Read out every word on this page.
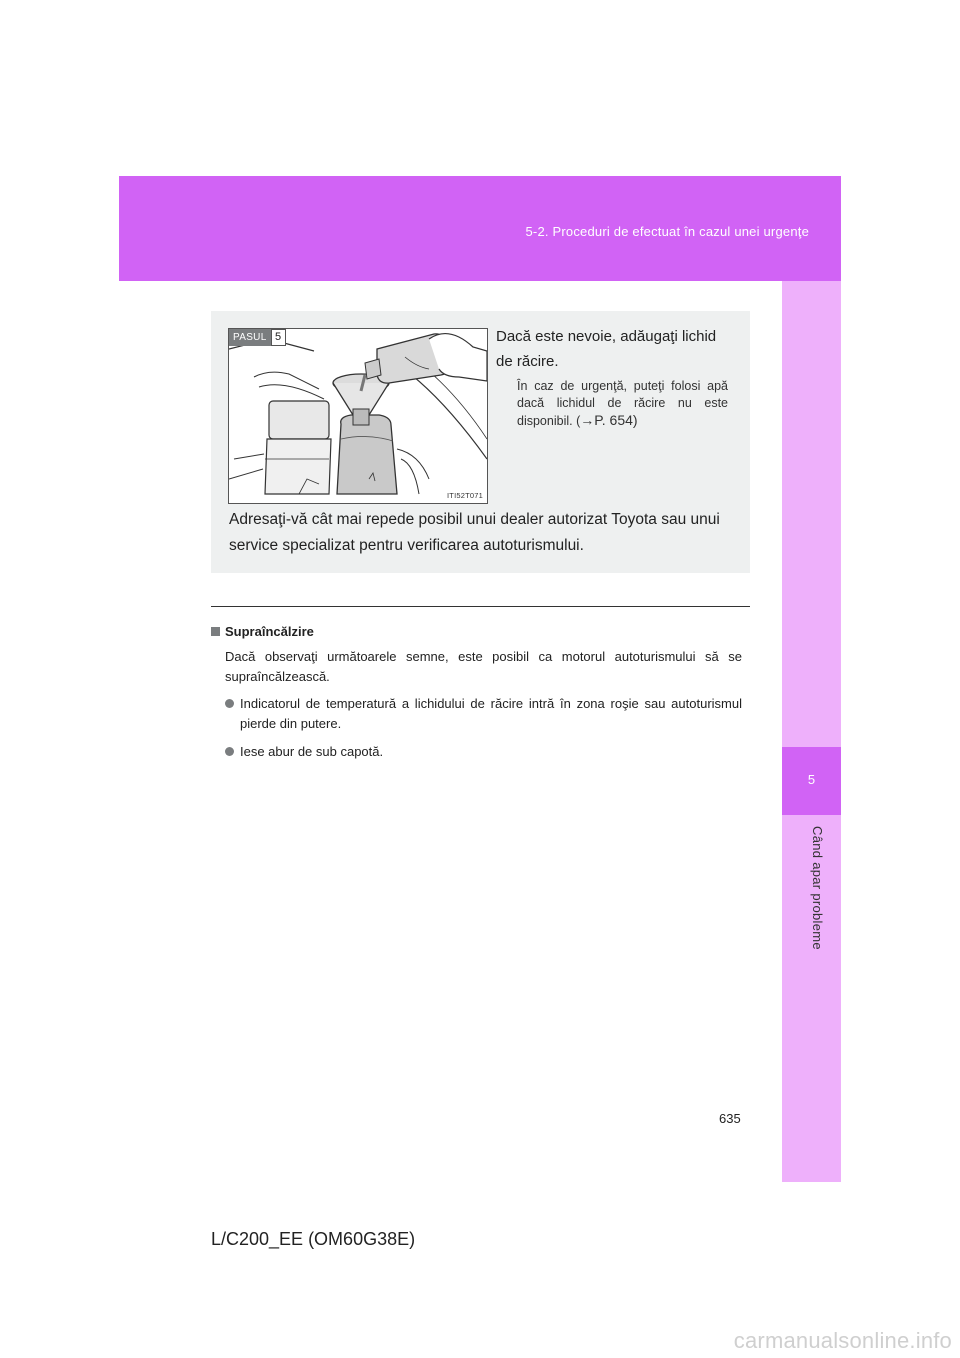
5-2. Proceduri de efectuat în cazul unei urgenţe
5
Când apar probleme
PASUL 5
ITI52T071
Dacă este nevoie, adăugaţi lichid de răcire.
În caz de urgenţă, puteţi folosi apă dacă lichidul de răcire nu este disponibil. (→P. 654)
Adresaţi-vă cât mai repede posibil unui dealer autorizat Toyota sau unui service specializat pentru verificarea autoturismului.
Supraîncălzire
Dacă observaţi următoarele semne, este posibil ca motorul autoturismului să se supraîncălzească.
Indicatorul de temperatură a lichidului de răcire intră în zona roşie sau autoturismul pierde din putere.
Iese abur de sub capotă.
635
L/C200_EE (OM60G38E)
carmanualsonline.info
